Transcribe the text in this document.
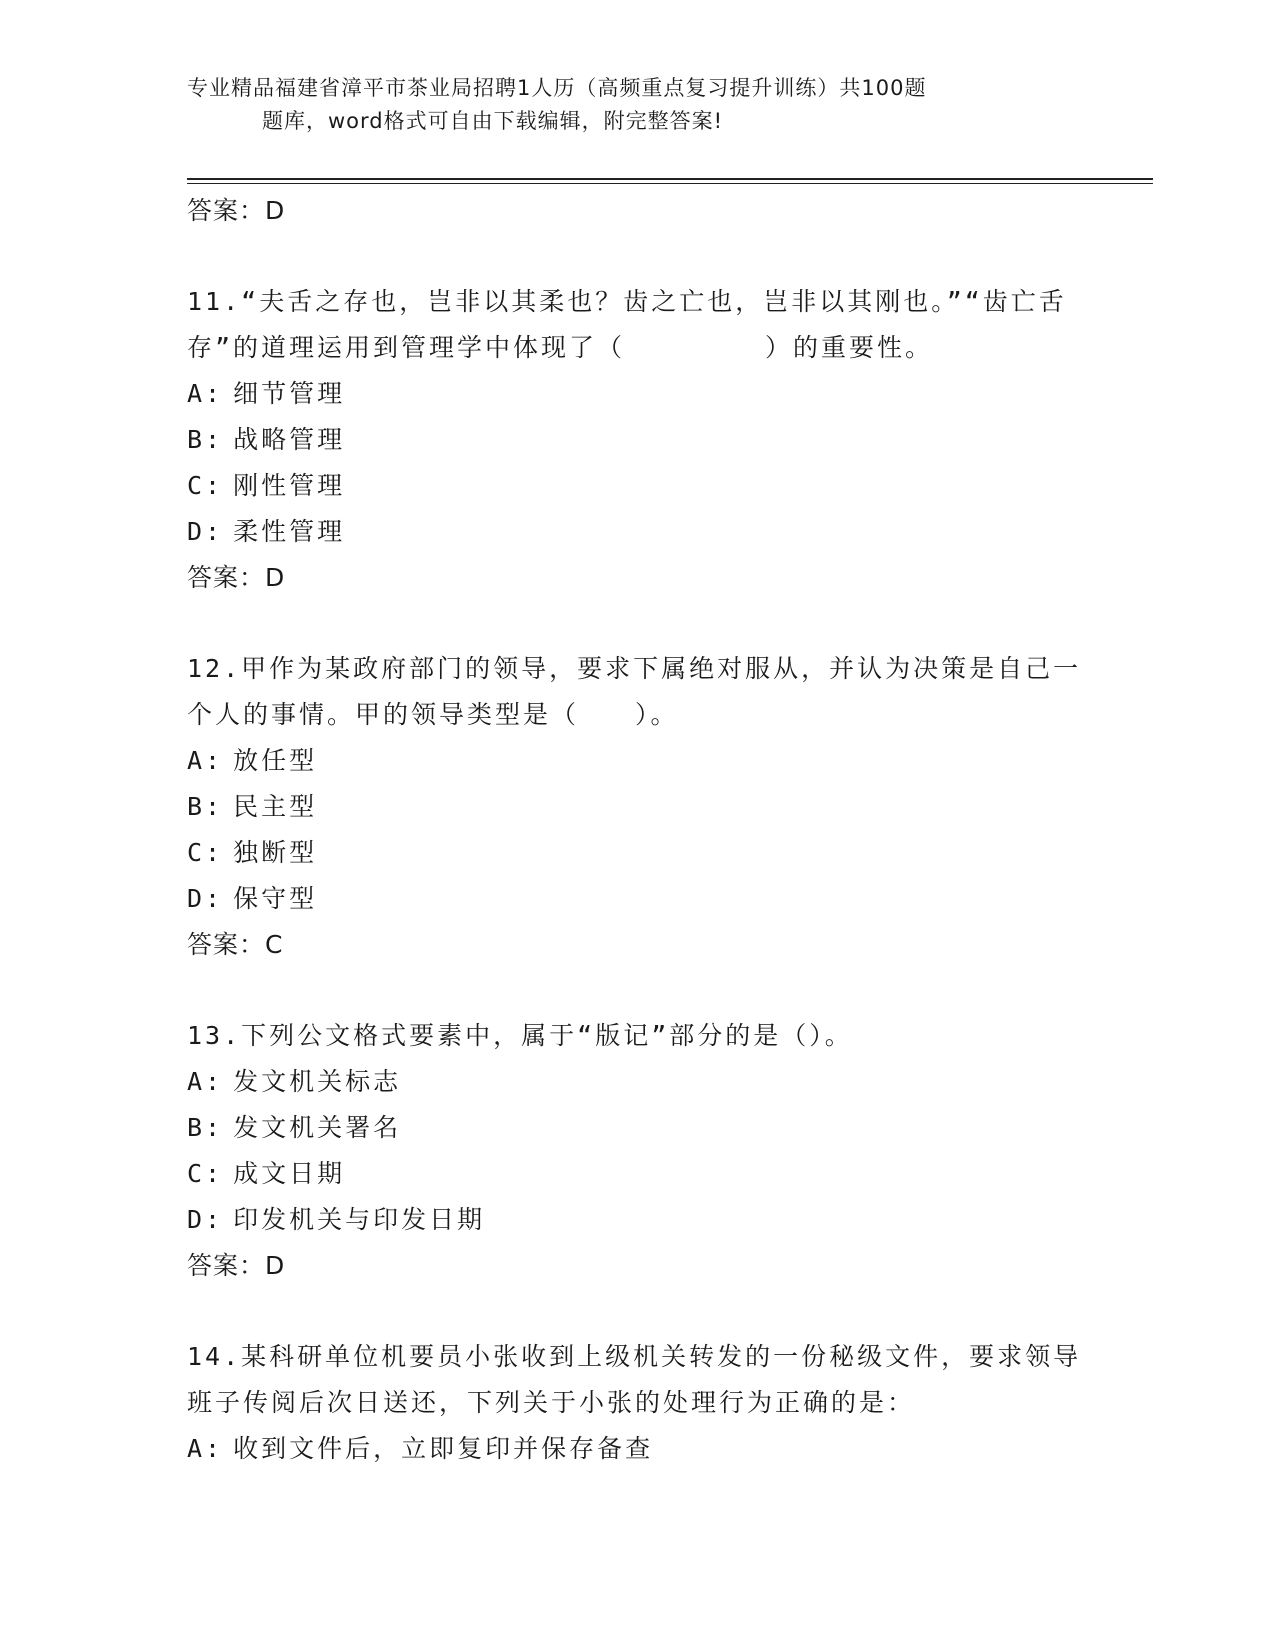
专业精品福建省漳平市茶业局招聘1人历（高频重点复习提升训练）共100题
题库，word格式可自由下载编辑，附完整答案!
答案：D
11.“夫舌之存也，岂非以其柔也？齿之亡也，岂非以其刚也。”“齿亡舌存”的道理运用到管理学中体现了（　　　　　）的重要性。
A: 细节管理
B: 战略管理
C: 刚性管理
D: 柔性管理
答案：D
12.甲作为某政府部门的领导，要求下属绝对服从，并认为决策是自己一个人的事情。甲的领导类型是（　　）。
A: 放任型
B: 民主型
C: 独断型
D: 保守型
答案：C
13.下列公文格式要素中，属于“版记”部分的是（）。
A: 发文机关标志
B: 发文机关署名
C: 成文日期
D: 印发机关与印发日期
答案：D
14.某科研单位机要员小张收到上级机关转发的一份秘级文件，要求领导班子传阅后次日送还，下列关于小张的处理行为正确的是：
A: 收到文件后，立即复印并保存备查
